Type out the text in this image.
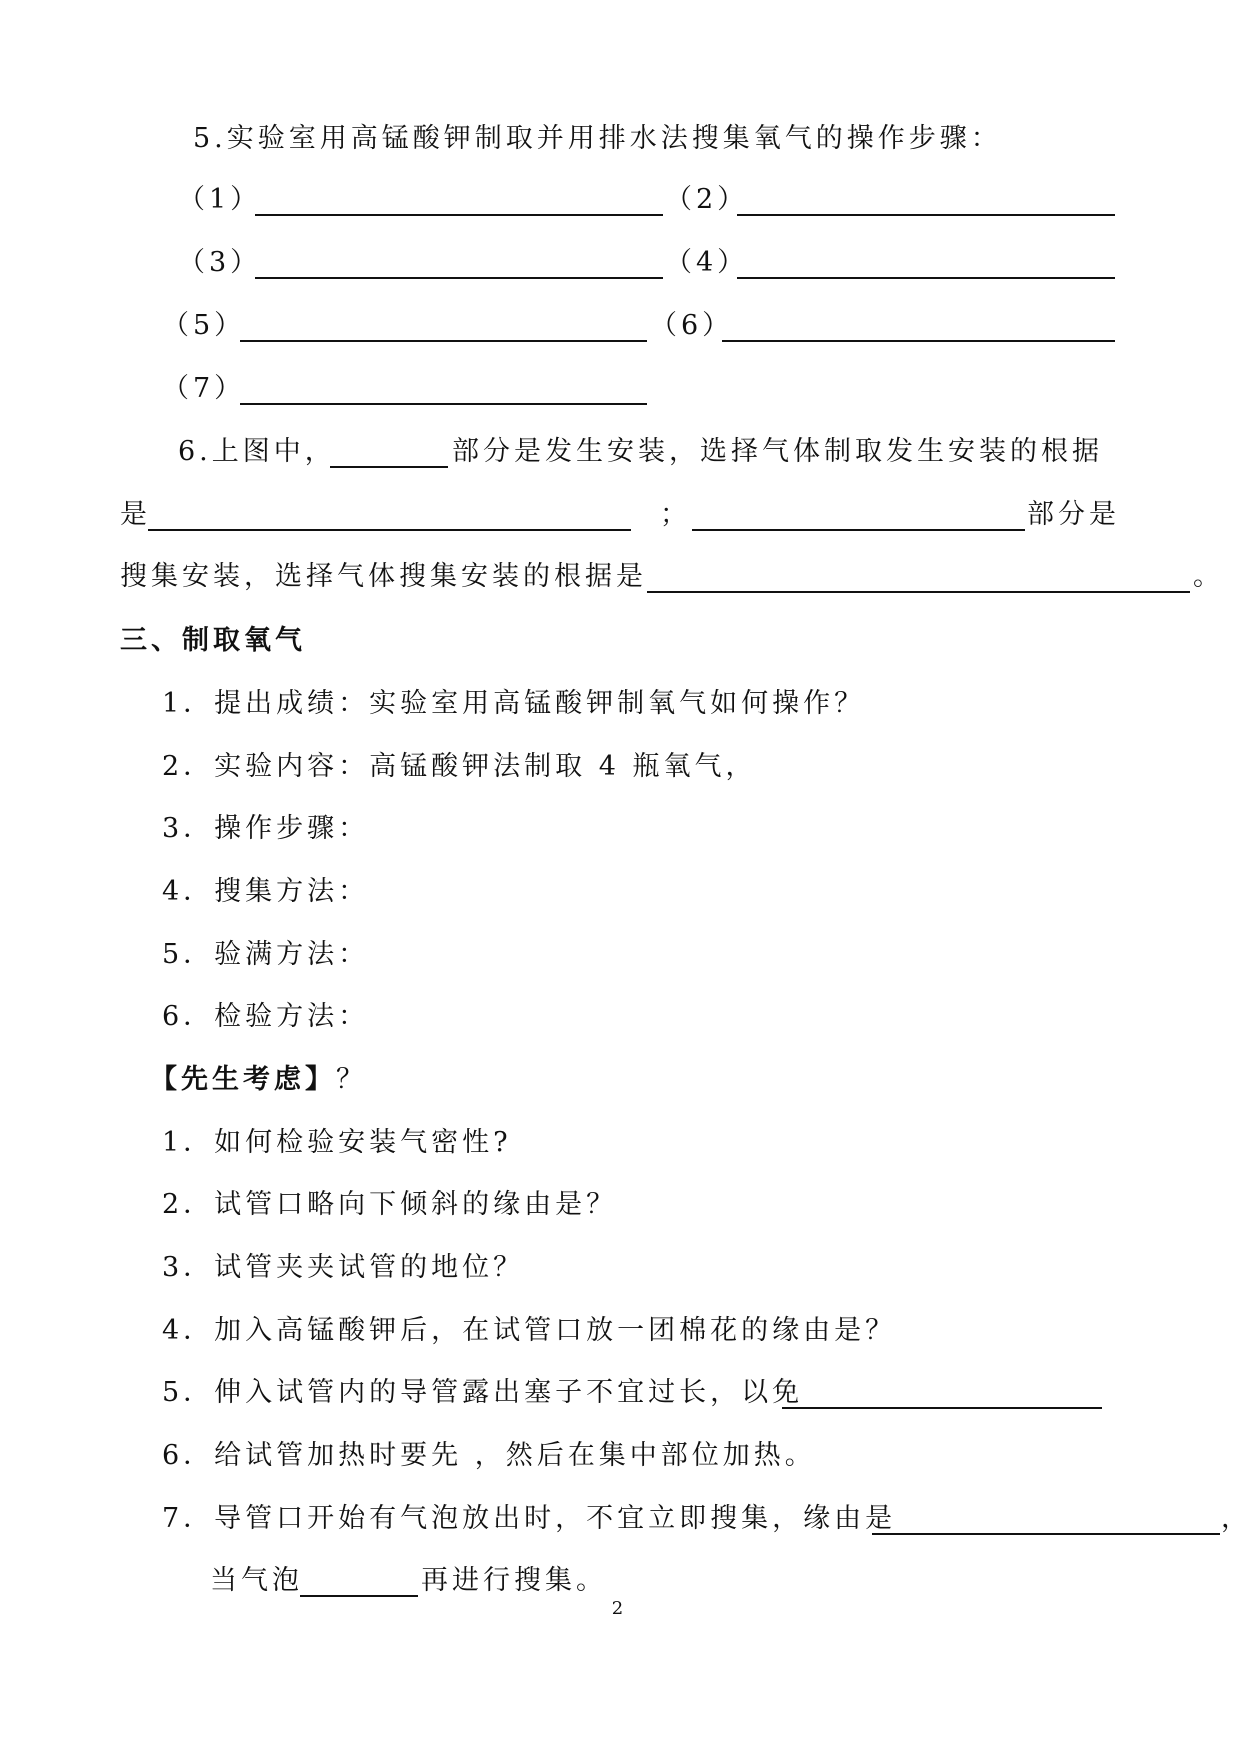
5.实验室用高锰酸钾制取并用排水法搜集氧气的操作步骤：
（1）	（2）
（3）	（4）
（5）	（6）
（7）
6.上图中，	部分是发生安装，选择气体制取发生安装的根据
是	；	部分是
搜集安装，选择气体搜集安装的根据是	。
三、制取氧气
1．提出成绩：实验室用高锰酸钾制氧气如何操作？
2．实验内容：高锰酸钾法制取 4 瓶氧气，
3．操作步骤：
4．搜集方法：
5．验满方法：
6．检验方法：
【先生考虑】？
1．如何检验安装气密性?
2．试管口略向下倾斜的缘由是？
3．试管夹夹试管的地位？
4．加入高锰酸钾后，在试管口放一团棉花的缘由是？
5．伸入试管内的导管露出塞子不宜过长，以免
6．给试管加热时要先 ，然后在集中部位加热。
7．导管口开始有气泡放出时，不宜立即搜集，缘由是	，
当气泡	再进行搜集。
2
